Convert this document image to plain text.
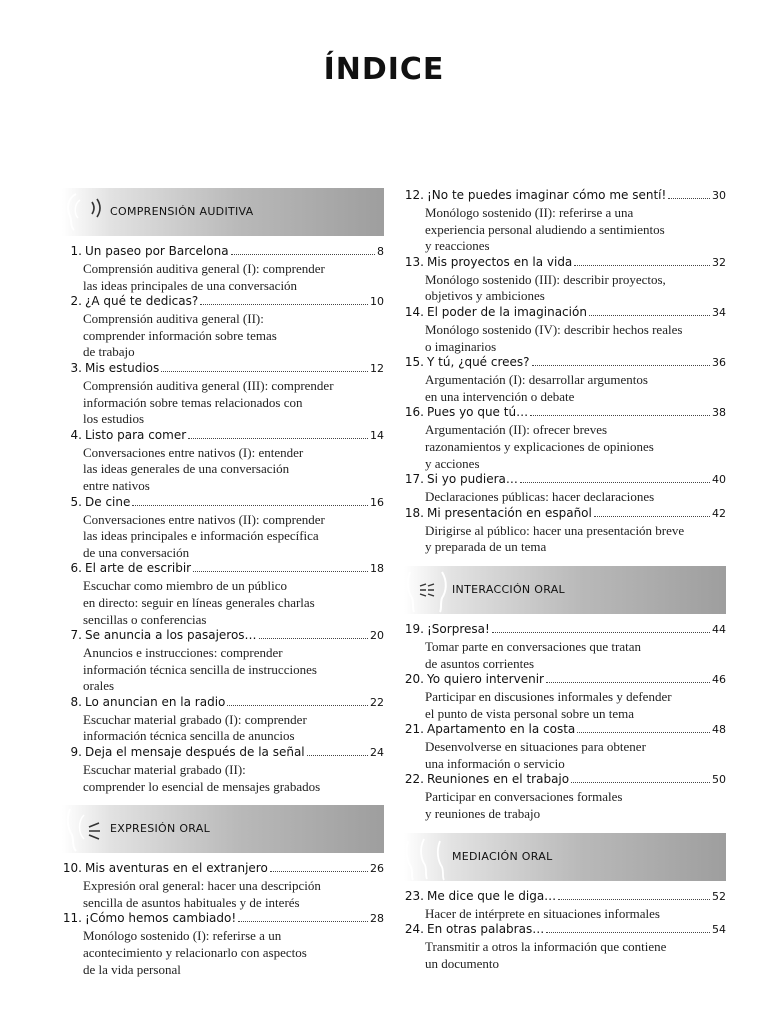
ÍNDICE
COMPRENSIÓN AUDITIVA
1. Un paseo por Barcelona	8
Comprensión auditiva general (I): comprender
las ideas principales de una conversación
2. ¿A qué te dedicas?	10
Comprensión auditiva general (II):
comprender información sobre temas
de trabajo
3. Mis estudios	12
Comprensión auditiva general (III): comprender
información sobre temas relacionados con
los estudios
4. Listo para comer	14
Conversaciones entre nativos (I): entender
las ideas generales de una conversación
entre nativos
5. De cine	16
Conversaciones entre nativos (II): comprender
las ideas principales e información específica
de una conversación
6. El arte de escribir	18
Escuchar como miembro de un público
en directo: seguir en líneas generales charlas
sencillas o conferencias
7. Se anuncia a los pasajeros…	20
Anuncios e instrucciones: comprender
información técnica sencilla de instrucciones
orales
8. Lo anuncian en la radio	22
Escuchar material grabado (I): comprender
información técnica sencilla de anuncios
9. Deja el mensaje después de la señal	24
Escuchar material grabado (II):
comprender lo esencial de mensajes grabados
EXPRESIÓN ORAL
10. Mis aventuras en el extranjero	26
Expresión oral general: hacer una descripción
sencilla de asuntos habituales y de interés
11. ¡Cómo hemos cambiado!	28
Monólogo sostenido (I): referirse a un
acontecimiento y relacionarlo con aspectos
de la vida personal
12. ¡No te puedes imaginar cómo me sentí!	30
Monólogo sostenido (II): referirse a una
experiencia personal aludiendo a sentimientos
y reacciones
13. Mis proyectos en la vida	32
Monólogo sostenido (III): describir proyectos,
objetivos y ambiciones
14. El poder de la imaginación	34
Monólogo sostenido (IV): describir hechos reales
o imaginarios
15. Y tú, ¿qué crees?	36
Argumentación (I): desarrollar argumentos
en una intervención o debate
16. Pues yo que tú…	38
Argumentación (II): ofrecer breves
razonamientos y explicaciones de opiniones
y acciones
17. Si yo pudiera…	40
Declaraciones públicas: hacer declaraciones
18. Mi presentación en español	42
Dirigirse al público: hacer una presentación breve
y preparada de un tema
INTERACCIÓN ORAL
19. ¡Sorpresa!	44
Tomar parte en conversaciones que tratan
de asuntos corrientes
20. Yo quiero intervenir	46
Participar en discusiones informales y defender
el punto de vista personal sobre un tema
21. Apartamento en la costa	48
Desenvolverse en situaciones para obtener
una información o servicio
22. Reuniones en el trabajo	50
Participar en conversaciones formales
y reuniones de trabajo
MEDIACIÓN ORAL
23. Me dice que le diga…	52
Hacer de intérprete en situaciones informales
24. En otras palabras…	54
Transmitir a otros la información que contiene
un documento
